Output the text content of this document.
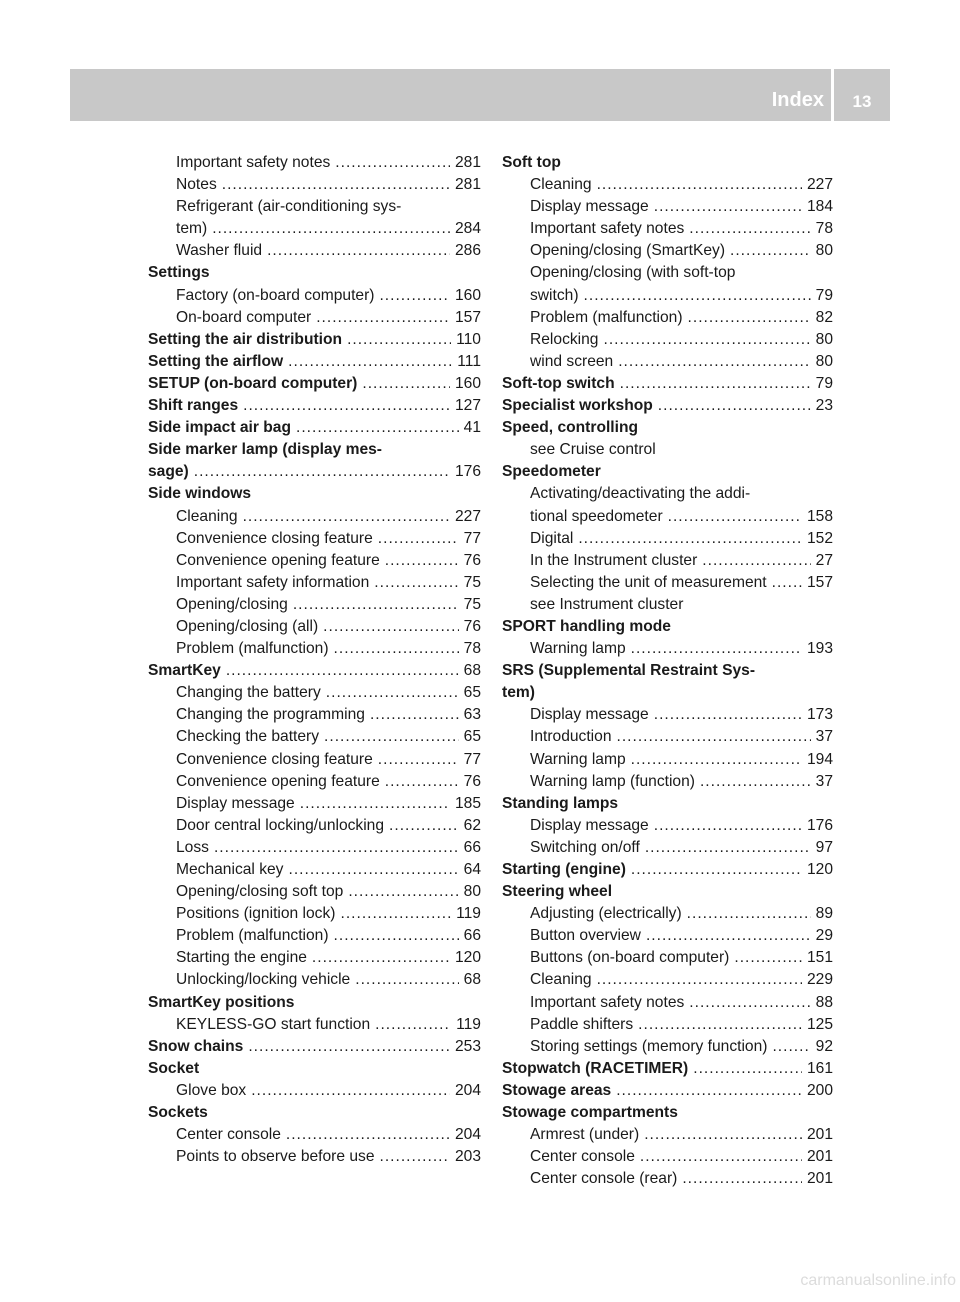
Index	13
Important safety notes .....	281
Notes .....	281
Refrigerant (air-conditioning sys-
tem) .....	284
Washer fluid .....	286
Settings
Factory (on-board computer) .....	160
On-board computer .....	157
Setting the air distribution .....	110
Setting the airflow .....	111
SETUP (on-board computer) .....	160
Shift ranges .....	127
Side impact air bag .....	41
Side marker lamp (display mes-
sage) .....	176
Side windows
Cleaning .....	227
Convenience closing feature .....	77
Convenience opening feature .....	76
Important safety information .....	75
Opening/closing .....	75
Opening/closing (all) .....	76
Problem (malfunction) .....	78
SmartKey .....	68
Changing the battery .....	65
Changing the programming .....	63
Checking the battery .....	65
Convenience closing feature .....	77
Convenience opening feature .....	76
Display message .....	185
Door central locking/unlocking .....	62
Loss .....	66
Mechanical key .....	64
Opening/closing soft top .....	80
Positions (ignition lock) .....	119
Problem (malfunction) .....	66
Starting the engine .....	120
Unlocking/locking vehicle .....	68
SmartKey positions
KEYLESS-GO start function .....	119
Snow chains .....	253
Socket
Glove box .....	204
Sockets
Center console .....	204
Points to observe before use .....	203
Soft top
Cleaning .....	227
Display message .....	184
Important safety notes .....	78
Opening/closing (SmartKey) .....	80
Opening/closing (with soft-top
switch) .....	79
Problem (malfunction) .....	82
Relocking .....	80
wind screen .....	80
Soft-top switch .....	79
Specialist workshop .....	23
Speed, controlling
see Cruise control
Speedometer
Activating/deactivating the addi-
tional speedometer .....	158
Digital .....	152
In the Instrument cluster .....	27
Selecting the unit of measurement .....	157
see Instrument cluster
SPORT handling mode
Warning lamp .....	193
SRS (Supplemental Restraint Sys-
tem)
Display message .....	173
Introduction .....	37
Warning lamp .....	194
Warning lamp (function) .....	37
Standing lamps
Display message .....	176
Switching on/off .....	97
Starting (engine) .....	120
Steering wheel
Adjusting (electrically) .....	89
Button overview .....	29
Buttons (on-board computer) .....	151
Cleaning .....	229
Important safety notes .....	88
Paddle shifters .....	125
Storing settings (memory function) .....	92
Stopwatch (RACETIMER) .....	161
Stowage areas .....	200
Stowage compartments
Armrest (under) .....	201
Center console .....	201
Center console (rear) .....	201
carmanualsonline.info
